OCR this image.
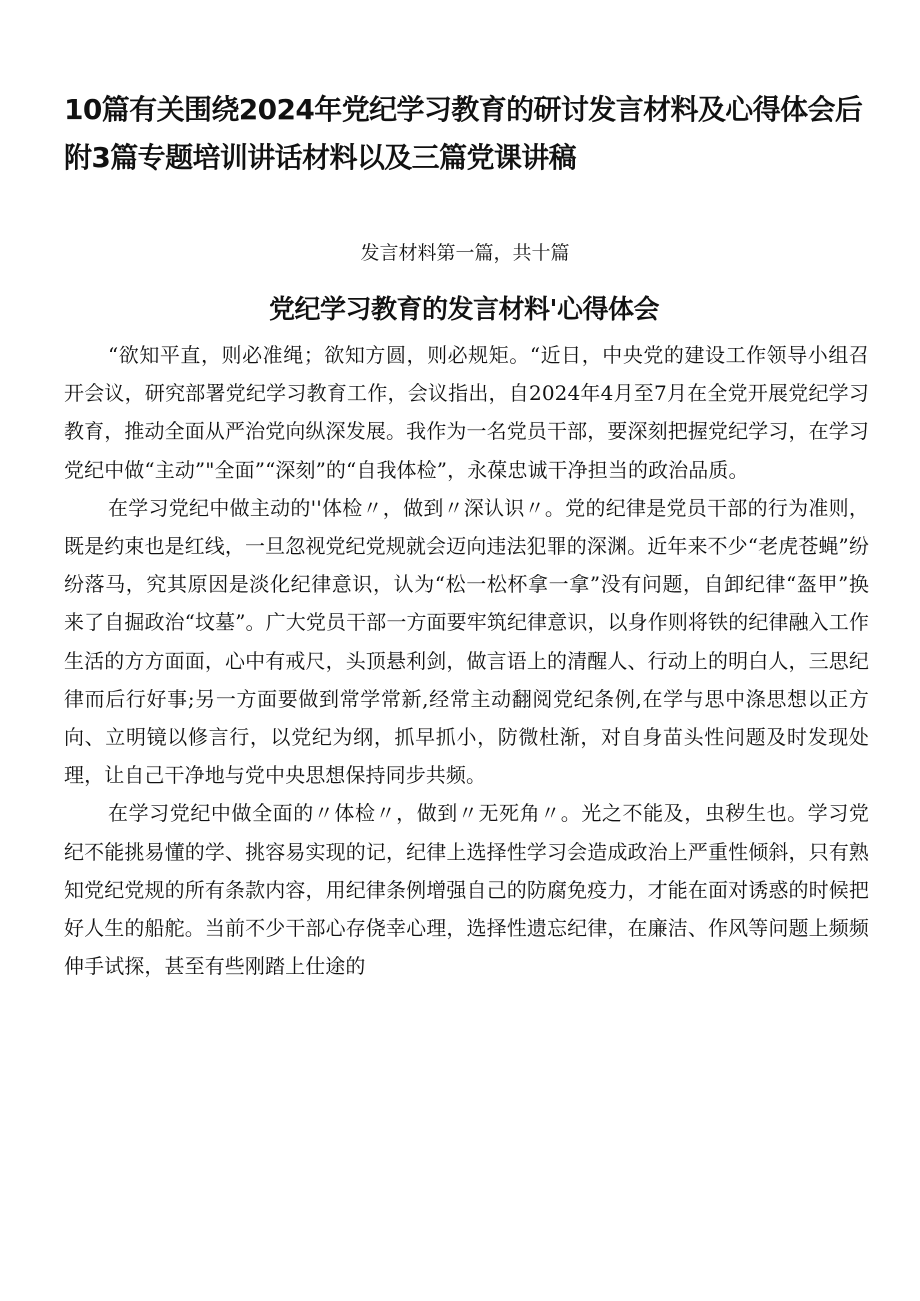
10篇有关围绕2024年党纪学习教育的研讨发言材料及心得体会后附3篇专题培训讲话材料以及三篇党课讲稿
发言材料第一篇，共十篇
党纪学习教育的发言材料'心得体会

“欲知平直，则必准绳；欲知方圆，则必规矩。“近日，中央党的建设工作领导小组召开会议，研究部署党纪学习教育工作，会议指出，自2024年4月至7月在全党开展党纪学习教育，推动全面从严治党向纵深发展。我作为一名党员干部，要深刻把握党纪学习，在学习党纪中做“主动”"全面”“深刻”的“自我体检”，永葆忠诚干净担当的政治品质。

在学习党纪中做主动的''体检〃，做到〃深认识〃。党的纪律是党员干部的行为准则，既是约束也是红线，一旦忽视党纪党规就会迈向违法犯罪的深渊。近年来不少“老虎苍蝇”纷纷落马，究其原因是淡化纪律意识，认为“松一松杯拿一拿”没有问题，自卸纪律“盔甲”换来了自掘政治“坟墓”。广大党员干部一方面要牢筑纪律意识，以身作则将铁的纪律融入工作生活的方方面面，心中有戒尺，头顶悬利剑，做言语上的清醒人、行动上的明白人，三思纪律而后行好事;另一方面要做到常学常新,经常主动翻阅党纪条例,在学与思中涤思想以正方向、立明镜以修言行，以党纪为纲，抓早抓小，防微杜渐，对自身苗头性问题及时发现处理，让自己干净地与党中央思想保持同步共频。

在学习党纪中做全面的〃体检〃，做到〃无死角〃。光之不能及，虫秽生也。学习党纪不能挑易懂的学、挑容易实现的记，纪律上选择性学习会造成政治上严重性倾斜，只有熟知党纪党规的所有条款内容，用纪律条例增强自己的防腐免疫力，才能在面对诱惑的时候把好人生的船舵。当前不少干部心存侥幸心理，选择性遗忘纪律，在廉洁、作风等问题上频频伸手试探，甚至有些刚踏上仕途的
